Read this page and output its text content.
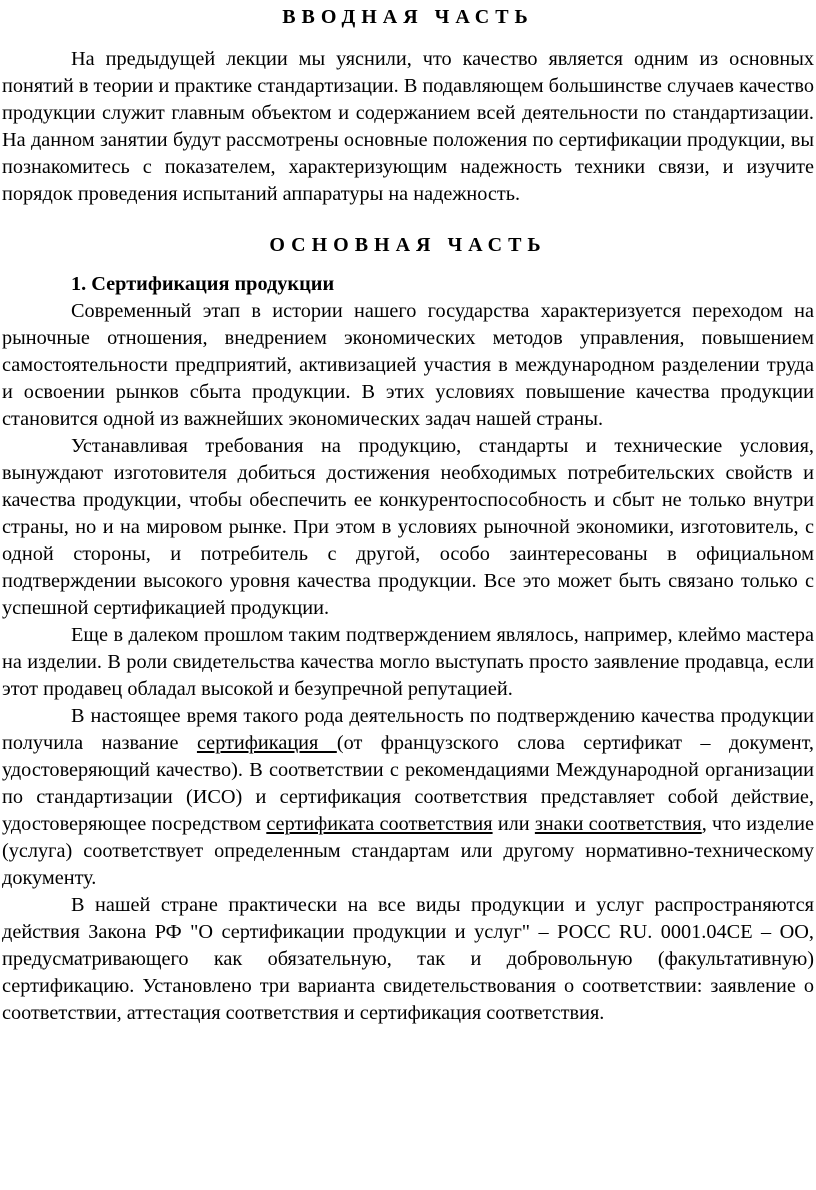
ВВОДНАЯ ЧАСТЬ

На предыдущей лекции мы уяснили, что качество является одним из основных понятий в теории и практике стандартизации. В подавляющем большинстве случаев качество продукции служит главным объектом и содержанием всей деятельности по стандартизации. На данном занятии будут рассмотрены основные положения по сертификации продукции, вы познакомитесь с показателем, характеризующим надежность техники связи, и изучите порядок проведения испытаний аппаратуры на надежность.

ОСНОВНАЯ ЧАСТЬ
1. Сертификация продукции

Современный этап в истории нашего государства характеризуется переходом на рыночные отношения, внедрением экономических методов управления, повышением самостоятельности предприятий, активизацией участия в международном разделении труда и освоении рынков сбыта продукции. В этих условиях повышение качества продукции становится одной из важнейших экономических задач нашей страны.

Устанавливая требования на продукцию, стандарты и технические условия, вынуждают изготовителя добиться достижения необходимых потребительских свойств и качества продукции, чтобы обеспечить ее конкурентоспособность и сбыт не только внутри страны, но и на мировом рынке. При этом в условиях рыночной экономики, изготовитель, с одной стороны, и потребитель с другой, особо заинтересованы в официальном подтверждении высокого уровня качества продукции. Все это может быть связано только с успешной сертификацией продукции.

Еще в далеком прошлом таким подтверждением являлось, например, клеймо мастера на изделии. В роли свидетельства качества могло выступать просто заявление продавца, если этот продавец обладал высокой и безупречной репутацией.

В настоящее время такого рода деятельность по подтверждению качества продукции получила название сертификация (от французского слова сертификат – документ, удостоверяющий качество). В соответствии с рекомендациями Международной организации по стандартизации (ИСО) и сертификация соответствия представляет собой действие, удостоверяющее посредством сертификата соответствия или знаки соответствия, что изделие (услуга) соответствует определенным стандартам или другому нормативно-техническому документу.

В нашей стране практически на все виды продукции и услуг распространяются действия Закона РФ "О сертификации продукции и услуг" – РОСС RU. 0001.04СЕ – ОО, предусматривающего как обязательную, так и добровольную (факультативную) сертификацию. Установлено три варианта свидетельствования о соответствии: заявление о соответствии, аттестация соответствия и сертификация соответствия.
